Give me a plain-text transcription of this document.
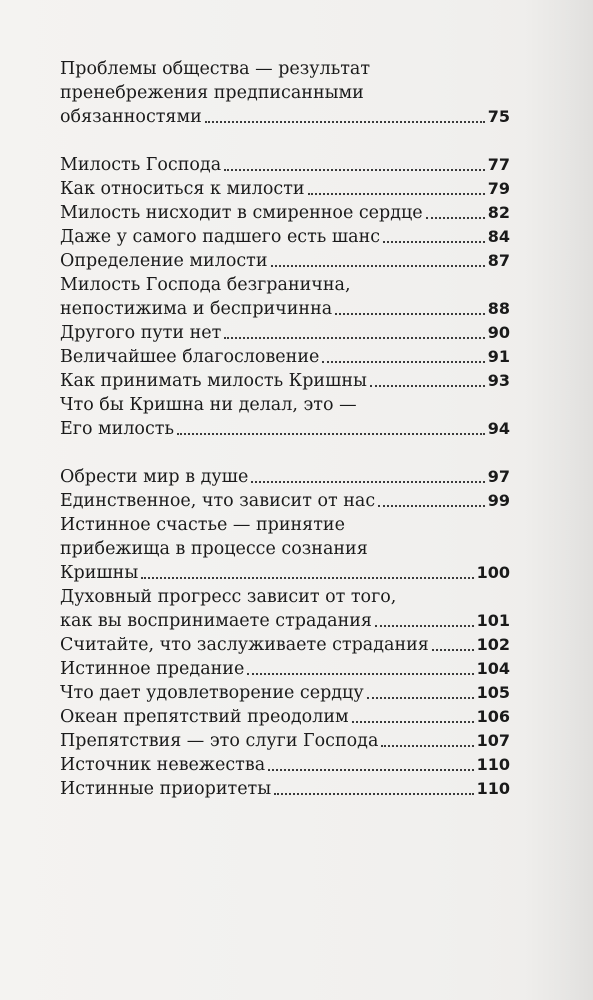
Проблемы общества — результат
пренебрежения предписанными
обязанностями	75
Милость Господа	77
Как относиться к милости	79
Милость нисходит в смиренное сердце	82
Даже у самого падшего есть шанс	84
Определение милости	87
Милость Господа безгранична,
непостижима и беспричинна	88
Другого пути нет	90
Величайшее благословение	91
Как принимать милость Кришны	93
Что бы Кришна ни делал, это —
Его милость	94
Обрести мир в душе	97
Единственное, что зависит от нас	99
Истинное счастье — принятие
прибежища в процессе сознания
Кришны	100
Духовный прогресс зависит от того,
как вы воспринимаете страдания	101
Считайте, что заслуживаете страдания	102
Истинное предание	104
Что дает удовлетворение сердцу	105
Океан препятствий преодолим	106
Препятствия — это слуги Господа	107
Источник невежества	110
Истинные приоритеты	110
